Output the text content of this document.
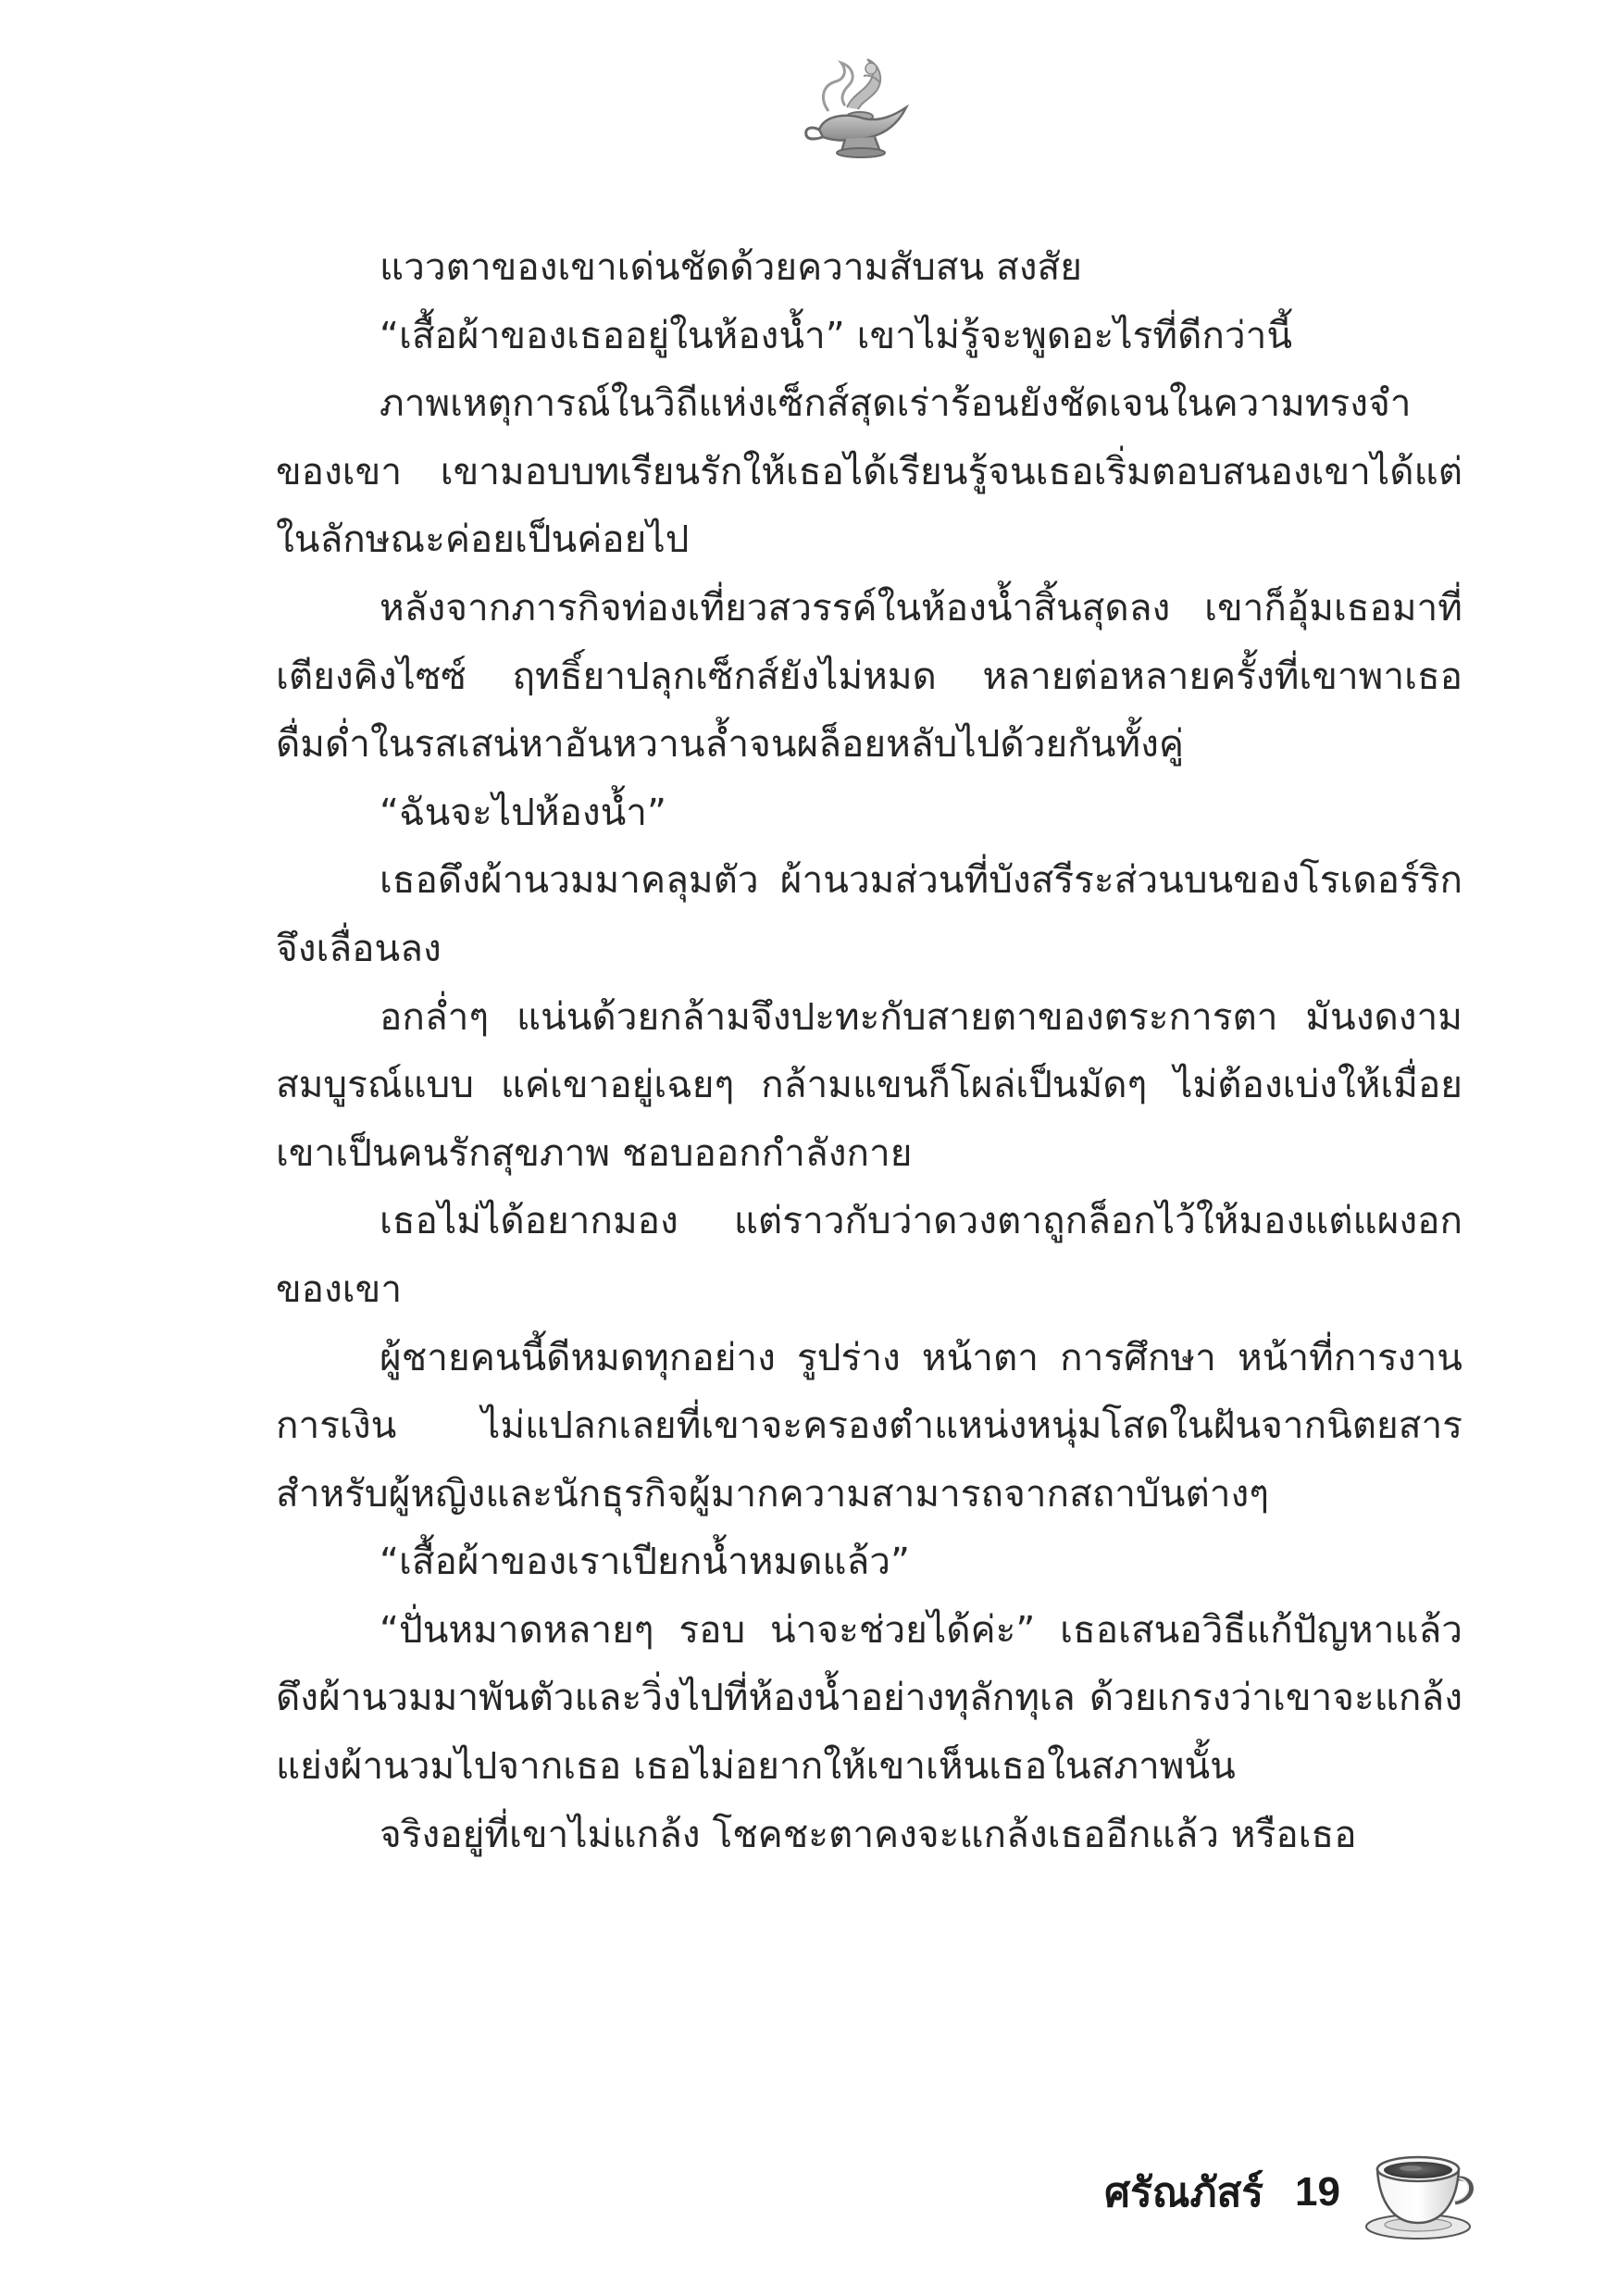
แววตาของเขาเด่นชัดด้วยความสับสน สงสัย

“เสื้อผ้าของเธออยู่ในห้องน้ำ” เขาไม่รู้จะพูดอะไรที่ดีกว่านี้

ภาพเหตุการณ์ในวิถีแห่งเซ็กส์สุดเร่าร้อนยังชัดเจนในความทรงจำของเขา เขามอบบทเรียนรักให้เธอได้เรียนรู้จนเธอเริ่มตอบสนองเขาได้แต่ในลักษณะค่อยเป็นค่อยไป

หลังจากภารกิจท่องเที่ยวสวรรค์ในห้องน้ำสิ้นสุดลง เขาก็อุ้มเธอมาที่เตียงคิงไซซ์ ฤทธิ์ยาปลุกเซ็กส์ยังไม่หมด หลายต่อหลายครั้งที่เขาพาเธอดื่มด่ำในรสเสน่หาอันหวานล้ำจนผล็อยหลับไปด้วยกันทั้งคู่

“ฉันจะไปห้องน้ำ”

เธอดึงผ้านวมมาคลุมตัว ผ้านวมส่วนที่บังสรีระส่วนบนของโรเดอร์ริกจึงเลื่อนลง

อกล่ำๆ แน่นด้วยกล้ามจึงปะทะกับสายตาของตระการตา มันงดงาม สมบูรณ์แบบ แค่เขาอยู่เฉยๆ กล้ามแขนก็โผล่เป็นมัดๆ ไม่ต้องเบ่งให้เมื่อย เขาเป็นคนรักสุขภาพ ชอบออกกำลังกาย

เธอไม่ได้อยากมอง แต่ราวกับว่าดวงตาถูกล็อกไว้ให้มองแต่แผงอกของเขา

ผู้ชายคนนี้ดีหมดทุกอย่าง รูปร่าง หน้าตา การศึกษา หน้าที่การงาน การเงิน ไม่แปลกเลยที่เขาจะครองตำแหน่งหนุ่มโสดในฝันจากนิตยสารสำหรับผู้หญิงและนักธุรกิจผู้มากความสามารถจากสถาบันต่างๆ

“เสื้อผ้าของเราเปียกน้ำหมดแล้ว”

“ปั่นหมาดหลายๆ รอบ น่าจะช่วยได้ค่ะ” เธอเสนอวิธีแก้ปัญหาแล้วดึงผ้านวมมาพันตัวและวิ่งไปที่ห้องน้ำอย่างทุลักทุเล ด้วยเกรงว่าเขาจะแกล้งแย่งผ้านวมไปจากเธอ เธอไม่อยากให้เขาเห็นเธอในสภาพนั้น

จริงอยู่ที่เขาไม่แกล้ง โชคชะตาคงจะแกล้งเธออีกแล้ว หรือเธอ

ศรัณภัสร์ 19
